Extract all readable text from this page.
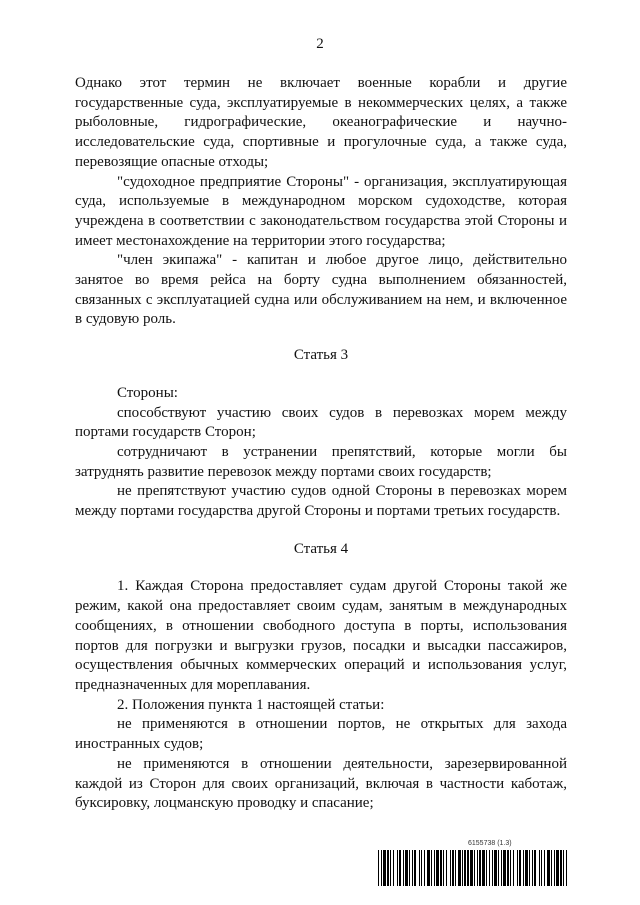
2

Однако этот термин не включает военные корабли и другие государственные суда, эксплуатируемые в некоммерческих целях, а также рыболовные, гидрографические, океанографические и научно-исследовательские суда, спортивные и прогулочные суда, а также суда, перевозящие опасные отходы;

"судоходное предприятие Стороны" - организация, эксплуатирующая суда, используемые в международном морском судоходстве, которая учреждена в соответствии с законодательством государства этой Стороны и имеет местонахождение на территории этого государства;

"член экипажа" - капитан и любое другое лицо, действительно занятое во время рейса на борту судна выполнением обязанностей, связанных с эксплуатацией судна или обслуживанием на нем, и включенное в судовую роль.

Статья 3

Стороны:

способствуют участию своих судов в перевозках морем между портами государств Сторон;

сотрудничают в устранении препятствий, которые могли бы затруднять развитие перевозок между портами своих государств;

не препятствуют участию судов одной Стороны в перевозках морем между портами государства другой Стороны и портами третьих государств.

Статья 4

1. Каждая Сторона предоставляет судам другой Стороны такой же режим, какой она предоставляет своим судам, занятым в международных сообщениях, в отношении свободного доступа в порты, использования портов для погрузки и выгрузки грузов, посадки и высадки пассажиров, осуществления обычных коммерческих операций и использования услуг, предназначенных для мореплавания.

2. Положения пункта 1 настоящей статьи:

не применяются в отношении портов, не открытых для захода иностранных судов;

не применяются в отношении деятельности, зарезервированной каждой из Сторон для своих организаций, включая в частности каботаж, буксировку, лоцманскую проводку и спасание;

6155738 (1.3)
